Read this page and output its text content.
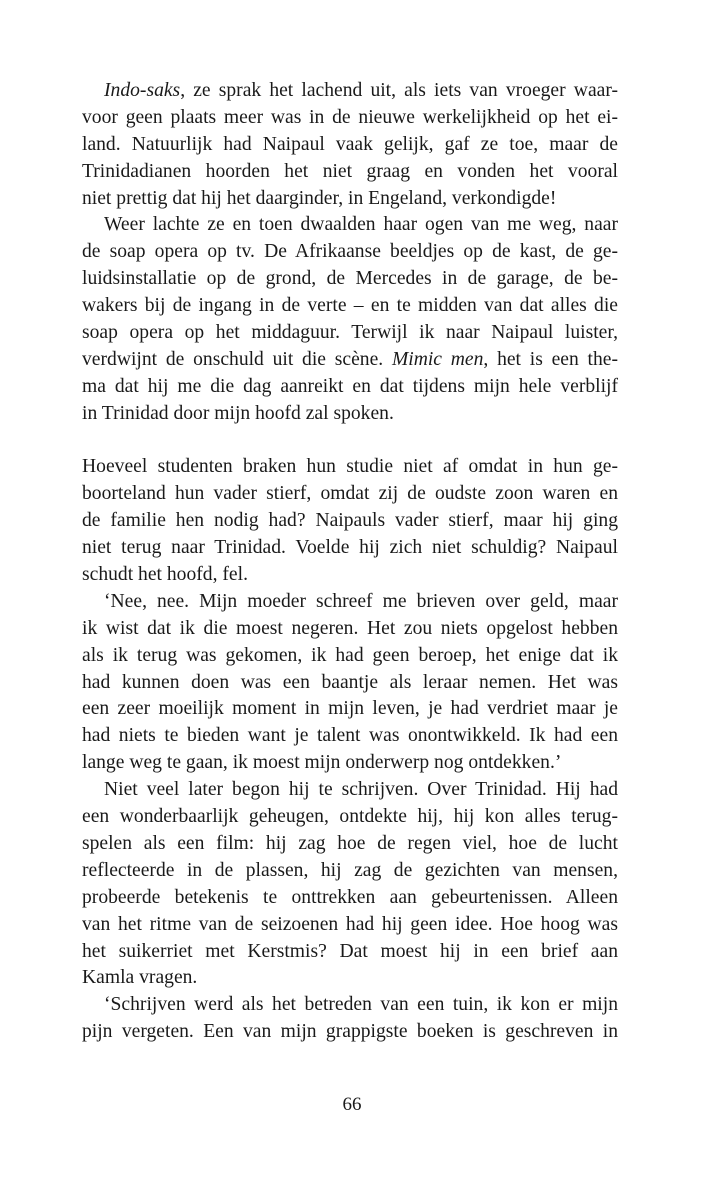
Indo-saks, ze sprak het lachend uit, als iets van vroeger waar-
voor geen plaats meer was in de nieuwe werkelijkheid op het ei-
land. Natuurlijk had Naipaul vaak gelijk, gaf ze toe, maar de
Trinidadianen hoorden het niet graag en vonden het vooral
niet prettig dat hij het daarginder, in Engeland, verkondigde!
Weer lachte ze en toen dwaalden haar ogen van me weg, naar
de soap opera op tv. De Afrikaanse beeldjes op de kast, de ge-
luidsinstallatie op de grond, de Mercedes in de garage, de be-
wakers bij de ingang in de verte – en te midden van dat alles die
soap opera op het middaguur. Terwijl ik naar Naipaul luister,
verdwijnt de onschuld uit die scène. Mimic men, het is een the-
ma dat hij me die dag aanreikt en dat tijdens mijn hele verblijf
in Trinidad door mijn hoofd zal spoken.
Hoeveel studenten braken hun studie niet af omdat in hun ge-
boorteland hun vader stierf, omdat zij de oudste zoon waren en
de familie hen nodig had? Naipauls vader stierf, maar hij ging
niet terug naar Trinidad. Voelde hij zich niet schuldig? Naipaul
schudt het hoofd, fel.
‘Nee, nee. Mijn moeder schreef me brieven over geld, maar
ik wist dat ik die moest negeren. Het zou niets opgelost hebben
als ik terug was gekomen, ik had geen beroep, het enige dat ik
had kunnen doen was een baantje als leraar nemen. Het was
een zeer moeilijk moment in mijn leven, je had verdriet maar je
had niets te bieden want je talent was onontwikkeld. Ik had een
lange weg te gaan, ik moest mijn onderwerp nog ontdekken.’
Niet veel later begon hij te schrijven. Over Trinidad. Hij had
een wonderbaarlijk geheugen, ontdekte hij, hij kon alles terug-
spelen als een film: hij zag hoe de regen viel, hoe de lucht
reflecteerde in de plassen, hij zag de gezichten van mensen,
probeerde betekenis te onttrekken aan gebeurtenissen. Alleen
van het ritme van de seizoenen had hij geen idee. Hoe hoog was
het suikerriet met Kerstmis? Dat moest hij in een brief aan
Kamla vragen.
‘Schrijven werd als het betreden van een tuin, ik kon er mijn
pijn vergeten. Een van mijn grappigste boeken is geschreven in
66
